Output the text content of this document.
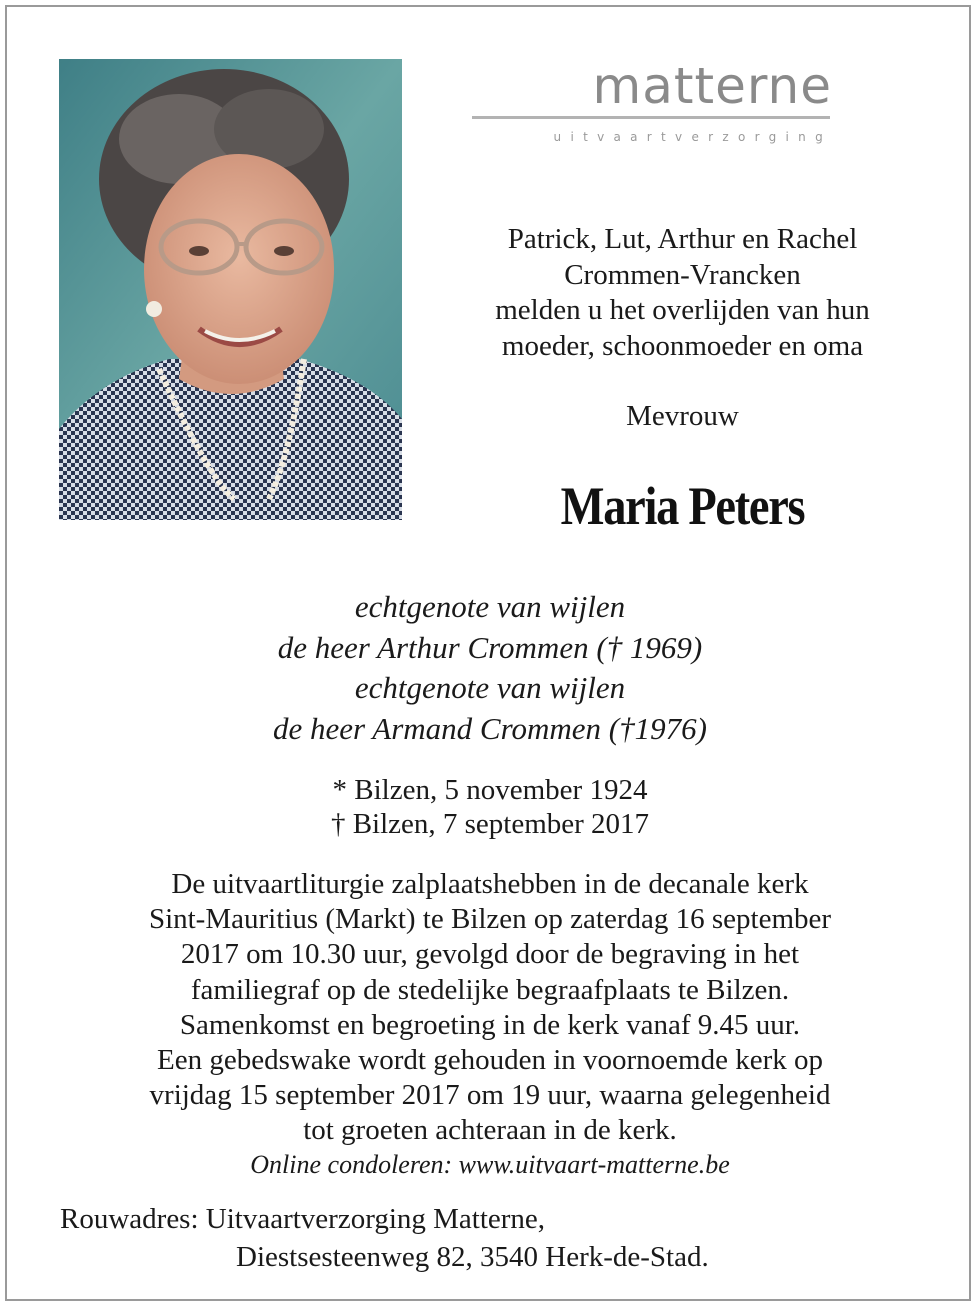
matterne
uitvaartverzorging
Patrick, Lut, Arthur en Rachel
Crommen-Vrancken
melden u het overlijden van hun
moeder, schoonmoeder en oma
Mevrouw
Maria Peters
echtgenote van wijlen
de heer Arthur Crommen († 1969)
echtgenote van wijlen
de heer Armand Crommen (†1976)
* Bilzen, 5 november 1924
† Bilzen, 7 september 2017
De uitvaartliturgie zalplaatshebben in de decanale kerk
Sint-Mauritius (Markt) te Bilzen op zaterdag 16 september
2017 om 10.30 uur, gevolgd door de begraving in het
familiegraf op de stedelijke begraafplaats te Bilzen.
Samenkomst en begroeting in de kerk vanaf 9.45 uur.
Een gebedswake wordt gehouden in voornoemde kerk op
vrijdag 15 september 2017 om 19 uur, waarna gelegenheid
tot groeten achteraan in de kerk.
Online condoleren: www.uitvaart-matterne.be
Rouwadres: Uitvaartverzorging Matterne,
Diestsesteenweg 82, 3540 Herk-de-Stad.
